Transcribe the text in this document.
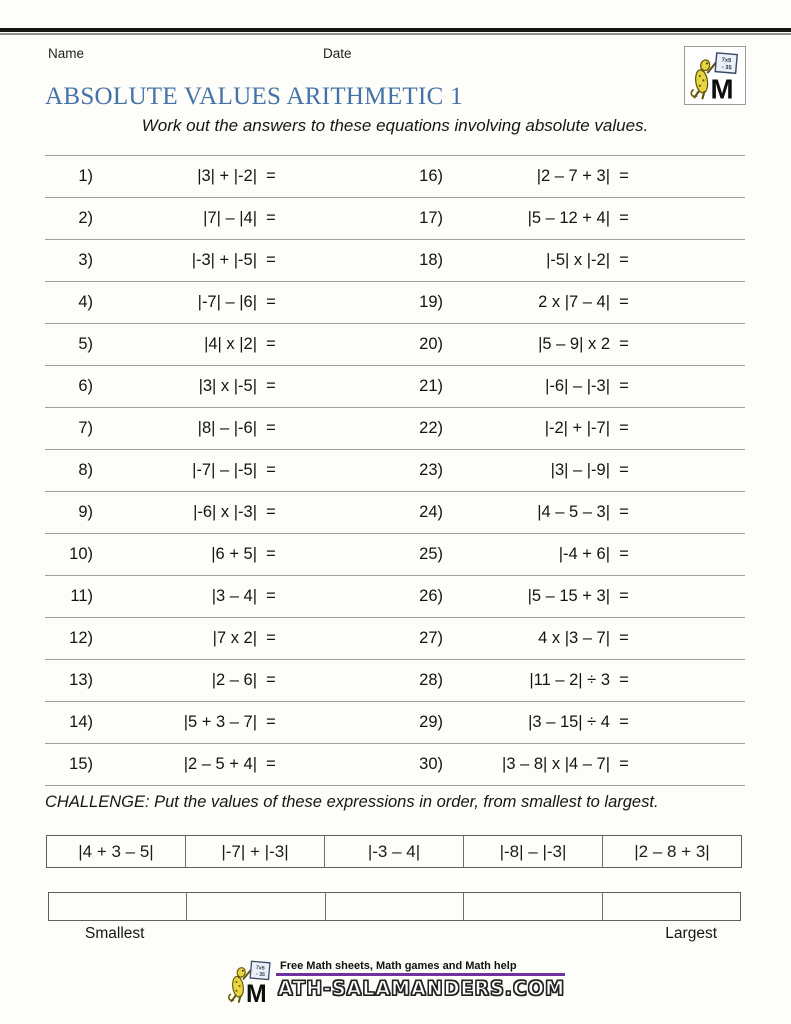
Name	Date
ABSOLUTE VALUES ARITHMETIC 1
Work out the answers to these equations involving absolute values.
1)	|3| + |-2| =	16)	|2 – 7 + 3| =
2)	|7| – |4| =	17)	|5 – 12 + 4| =
3)	|-3| + |-5| =	18)	|-5| x |-2| =
4)	|-7| – |6| =	19)	2 x |7 – 4| =
5)	|4| x |2| =	20)	|5 – 9| x 2 =
6)	|3| x |-5| =	21)	|-6| – |-3| =
7)	|8| – |-6| =	22)	|-2| + |-7| =
8)	|-7| – |-5| =	23)	|3| – |-9| =
9)	|-6| x |-3| =	24)	|4 – 5 – 3| =
10)	|6 + 5| =	25)	|-4 + 6| =
11)	|3 – 4| =	26)	|5 – 15 + 3| =
12)	|7 x 2| =	27)	4 x |3 – 7| =
13)	|2 – 6| =	28)	|11 – 2| ÷ 3 =
14)	|5 + 3 – 7| =	29)	|3 – 15| ÷ 4 =
15)	|2 – 5 + 4| =	30)	|3 – 8| x |4 – 7| =
CHALLENGE: Put the values of these expressions in order, from smallest to largest.
|4 + 3 – 5|	|-7| + |-3|	|-3 – 4|	|-8| – |-3|	|2 – 8 + 3|
Smallest	Largest
Free Math sheets, Math games and Math help
ATH-SALAMANDERS.COM
